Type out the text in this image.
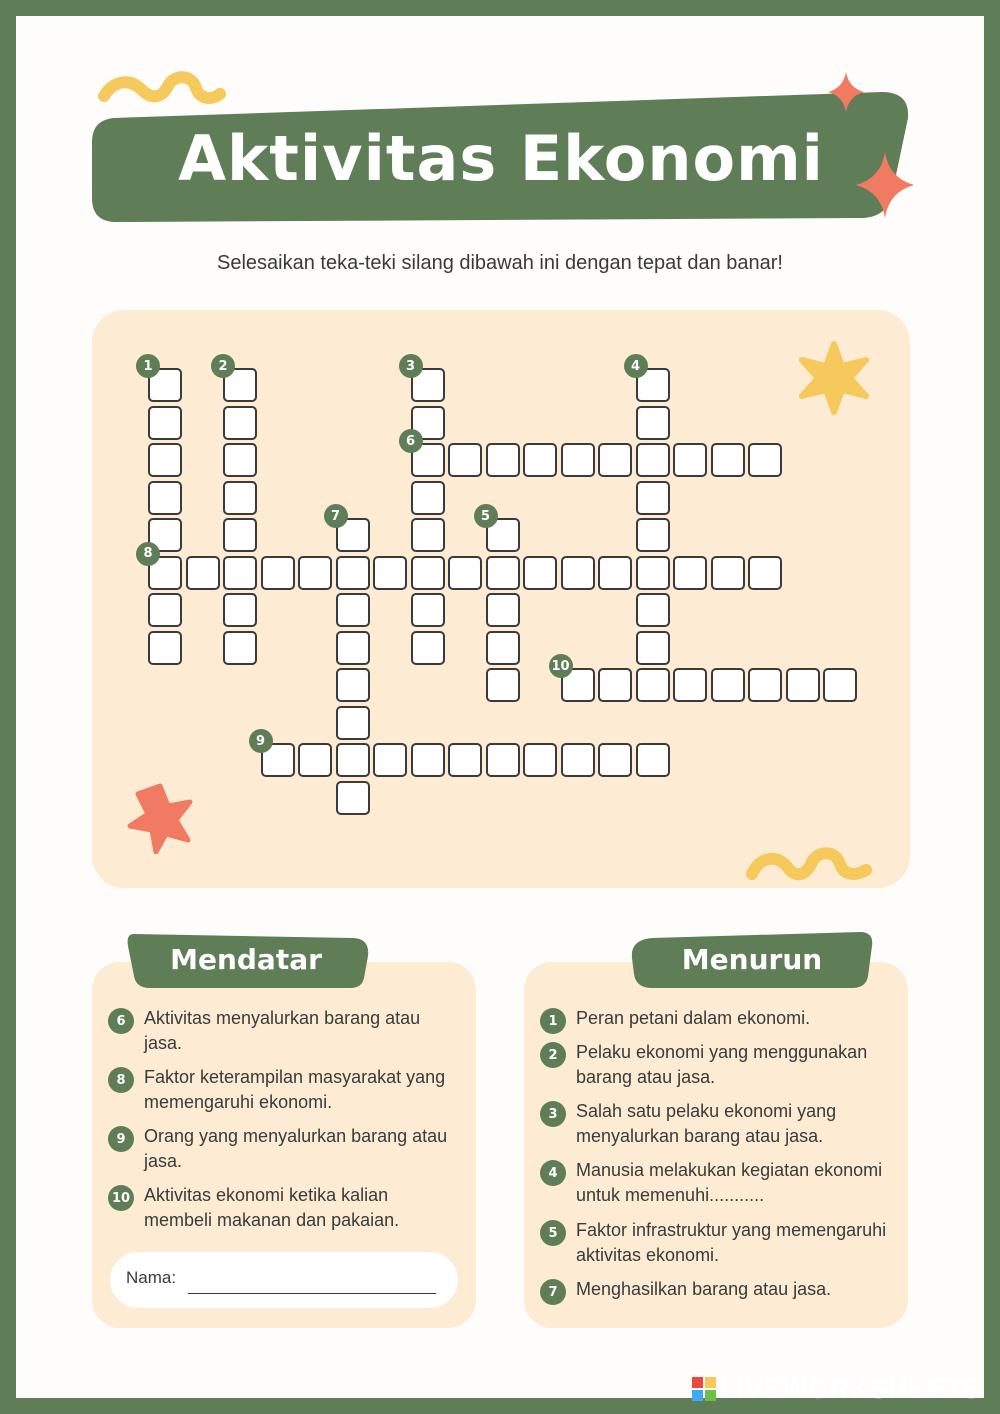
Aktivitas Ekonomi
Selesaikan teka-teki silang dibawah ini dengan tepat dan banar!
1	2	3	4
5
6
7
8
9
10
Mendatar
6	Aktivitas menyalurkan barang atau jasa.
8	Faktor keterampilan masyarakat yang memengaruhi ekonomi.
9	Orang yang menyalurkan barang atau jasa.
10 Aktivitas ekonomi ketika kalian membeli makanan dan pakaian.
Nama:
Menurun
1	Peran petani dalam ekonomi.
2	Pelaku ekonomi yang menggunakan barang atau jasa.
3	Salah satu pelaku ekonomi yang menyalurkan barang atau jasa.
4	Manusia melakukan kegiatan ekonomi untuk memenuhi...........
5	Faktor infrastruktur yang memengaruhi aktivitas ekonomi.
7	Menghasilkan barang atau jasa.
LIVEWORKSHEETS
